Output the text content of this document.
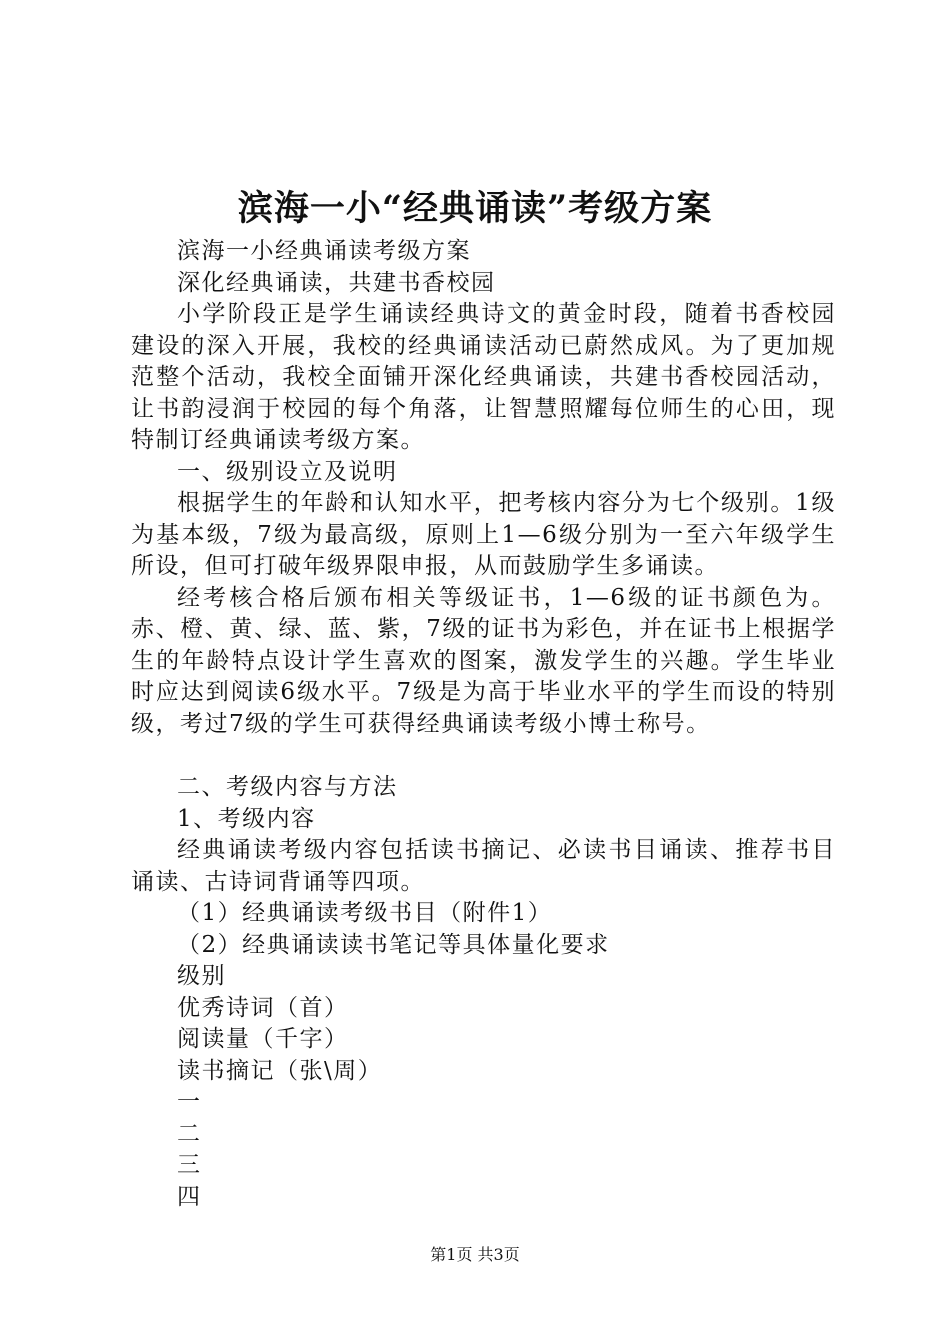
滨海一小“经典诵读”考级方案

滨海一小经典诵读考级方案

深化经典诵读，共建书香校园

小学阶段正是学生诵读经典诗文的黄金时段，随着书香校园建设的深入开展，我校的经典诵读活动已蔚然成风。为了更加规范整个活动，我校全面铺开深化经典诵读，共建书香校园活动，让书韵浸润于校园的每个角落，让智慧照耀每位师生的心田，现特制订经典诵读考级方案。

一、级别设立及说明

根据学生的年龄和认知水平，把考核内容分为七个级别。1级为基本级，7级为最高级，原则上1—6级分别为一至六年级学生所设，但可打破年级界限申报，从而鼓励学生多诵读。

经考核合格后颁布相关等级证书，1—6级的证书颜色为。赤、橙、黄、绿、蓝、紫，7级的证书为彩色，并在证书上根据学生的年龄特点设计学生喜欢的图案，激发学生的兴趣。学生毕业时应达到阅读6级水平。7级是为高于毕业水平的学生而设的特别级，考过7级的学生可获得经典诵读考级小博士称号。

二、考级内容与方法

1、考级内容

经典诵读考级内容包括读书摘记、必读书目诵读、推荐书目诵读、古诗词背诵等四项。

（1）经典诵读考级书目（附件1）

（2）经典诵读读书笔记等具体量化要求

级别

优秀诗词（首）

阅读量（千字）

读书摘记（张\周）

一

二

三

四

第1页 共3页
